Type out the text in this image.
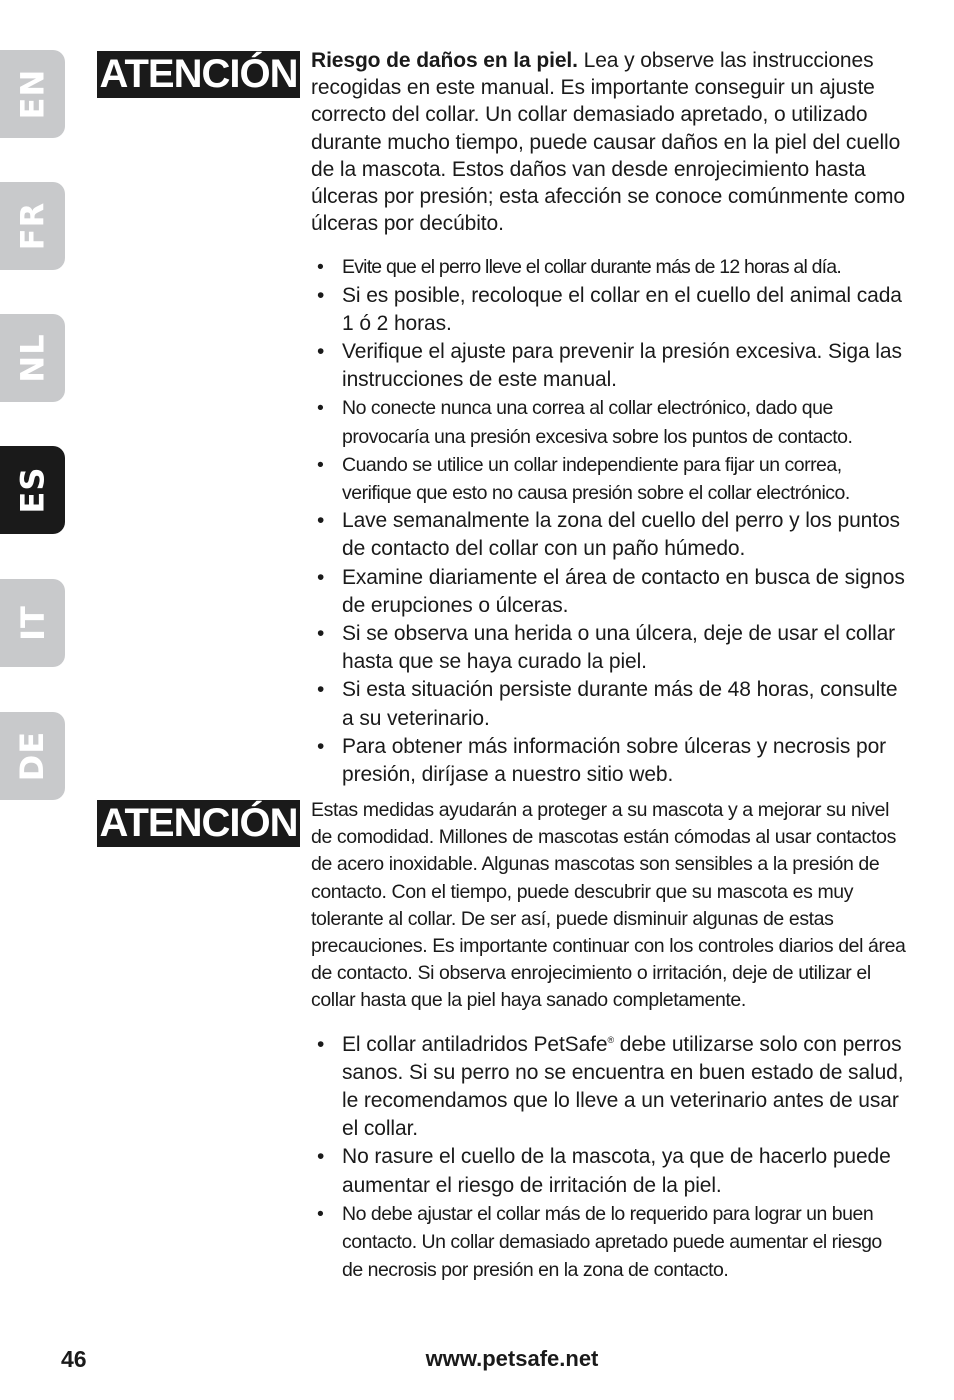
EN
FR
NL
ES
IT
DE
ATENCIÓN Riesgo de daños en la piel. Lea y observe las instrucciones recogidas en este manual. Es importante conseguir un ajuste correcto del collar. Un collar demasiado apretado, o utilizado durante mucho tiempo, puede causar daños en la piel del cuello de la mascota. Estos daños van desde enrojecimiento hasta úlceras por presión; esta afección se conoce comúnmente como úlceras por decúbito.

• Evite que el perro lleve el collar durante más de 12 horas al día.
• Si es posible, recoloque el collar en el cuello del animal cada 1 ó 2 horas.
• Verifique el ajuste para prevenir la presión excesiva. Siga las instrucciones de este manual.
• No conecte nunca una correa al collar electrónico, dado que provocaría una presión excesiva sobre los puntos de contacto.
• Cuando se utilice un collar independiente para fijar un correa, verifique que esto no causa presión sobre el collar electrónico.
• Lave semanalmente la zona del cuello del perro y los puntos de contacto del collar con un paño húmedo.
• Examine diariamente el área de contacto en busca de signos de erupciones o úlceras.
• Si se observa una herida o una úlcera, deje de usar el collar hasta que se haya curado la piel.
• Si esta situación persiste durante más de 48 horas, consulte a su veterinario.
• Para obtener más información sobre úlceras y necrosis por presión, diríjase a nuestro sitio web.
ATENCIÓN Estas medidas ayudarán a proteger a su mascota y a mejorar su nivel de comodidad. Millones de mascotas están cómodas al usar contactos de acero inoxidable. Algunas mascotas son sensibles a la presión de contacto. Con el tiempo, puede descubrir que su mascota es muy tolerante al collar. De ser así, puede disminuir algunas de estas precauciones. Es importante continuar con los controles diarios del área de contacto. Si observa enrojecimiento o irritación, deje de utilizar el collar hasta que la piel haya sanado completamente.

• El collar antiladridos PetSafe® debe utilizarse solo con perros sanos. Si su perro no se encuentra en buen estado de salud, le recomendamos que lo lleve a un veterinario antes de usar el collar.
• No rasure el cuello de la mascota, ya que de hacerlo puede aumentar el riesgo de irritación de la piel.
• No debe ajustar el collar más de lo requerido para lograr un buen contacto. Un collar demasiado apretado puede aumentar el riesgo de necrosis por presión en la zona de contacto.
46	www.petsafe.net
